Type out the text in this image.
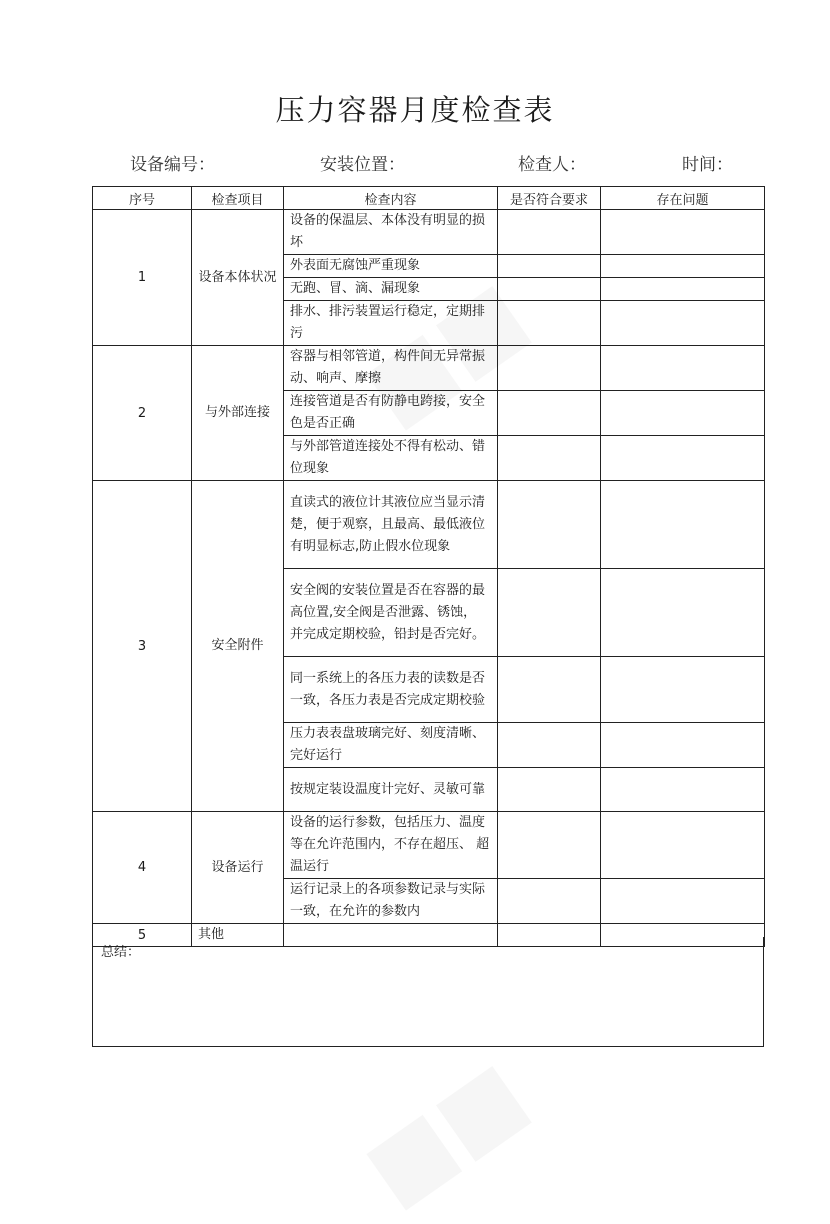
压力容器月度检查表
设备编号：	安装位置：	检查人：	时间：
序号	检查项目	检查内容	是否符合要求	存在问题
1	设备本体状况	设备的保温层、本体没有明显的损坏		
		外表面无腐蚀严重现象		
		无跑、冒、滴、漏现象		
		排水、排污装置运行稳定，定期排污		
2	与外部连接	容器与相邻管道，构件间无异常振动、响声、摩擦		
		连接管道是否有防静电跨接，安全色是否正确		
		与外部管道连接处不得有松动、错位现象		
3	安全附件	直读式的液位计其液位应当显示清楚，便于观察，且最高、最低液位有明显标志,防止假水位现象		
		安全阀的安装位置是否在容器的最高位置,安全阀是否泄露、锈蚀， 并完成定期校验，铅封是否完好。		
		同一系统上的各压力表的读数是否一致，各压力表是否完成定期校验		
		压力表表盘玻璃完好、刻度清晰、完好运行		
		按规定装设温度计完好、灵敏可靠		
4	设备运行	设备的运行参数，包括压力、温度等在允许范围内，不存在超压、 超温运行		
		运行记录上的各项参数记录与实际一致，在允许的参数内		
5	其他			
总结：
